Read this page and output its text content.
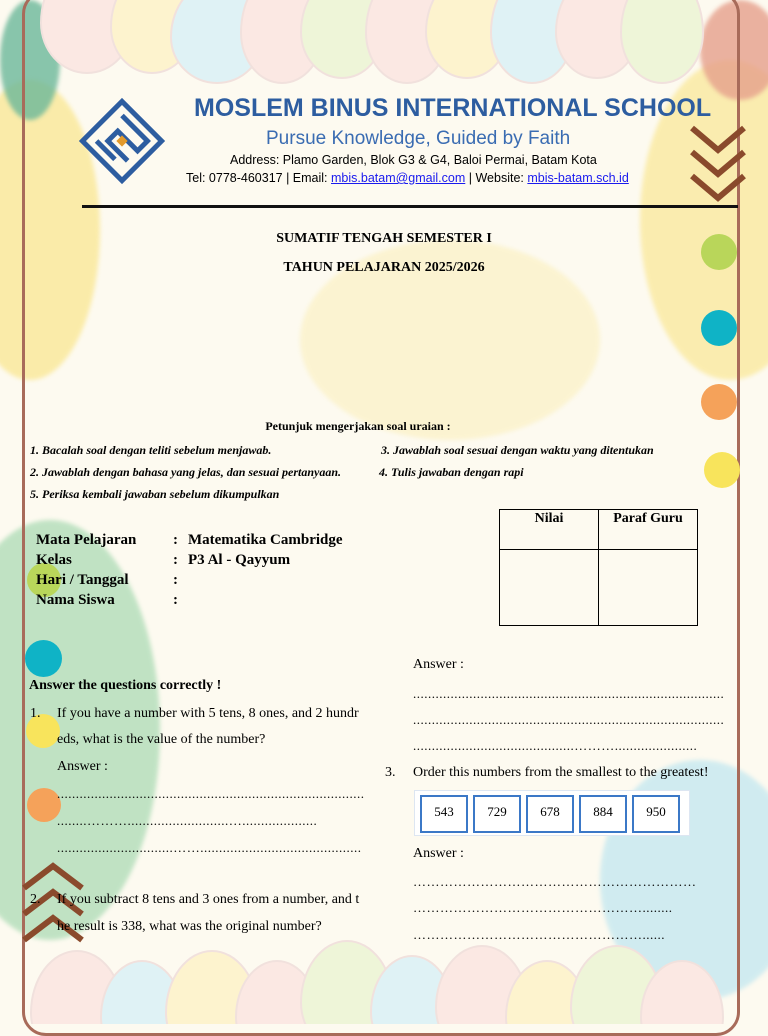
MOSLEM BINUS INTERNATIONAL SCHOOL
Pursue Knowledge, Guided by Faith
Address: Plamo Garden, Blok G3 & G4, Baloi Permai, Batam Kota
Tel: 0778-460317 | Email: mbis.batam@gmail.com | Website: mbis-batam.sch.id
SUMATIF TENGAH SEMESTER I
TAHUN PELAJARAN 2025/2026
Petunjuk mengerjakan soal uraian :
1. Bacalah soal dengan teliti sebelum menjawab.	3. Jawablah soal sesuai dengan waktu yang ditentukan
2. Jawablah dengan bahasa yang jelas, dan sesuai pertanyaan.	4. Tulis jawaban dengan rapi
5. Periksa kembali jawaban sebelum dikumpulkan
Mata Pelajaran : Matematika Cambridge
Kelas	: P3 Al - Qayyum
Hari / Tanggal	:
Nama Siswa	:
Nilai	Paraf Guru

Answer the questions correctly !
1. If you have a number with 5 tens, 8 ones, and 2 hundr
eds, what is the value of the number?
Answer :
..................................................................................
........………...........................…....................
...............................……...........................................
2. If you subtract 8 tens and 3 ones from a number, and t
he result is 338, what was the original number?
Answer :
...................................................................................
...................................................................................
...........................................………......................
3. Order this numbers from the smallest to the greatest!
543	729	678	884	950
Answer :
………………………………………………………
……………………………………………........
……………………………………………......
